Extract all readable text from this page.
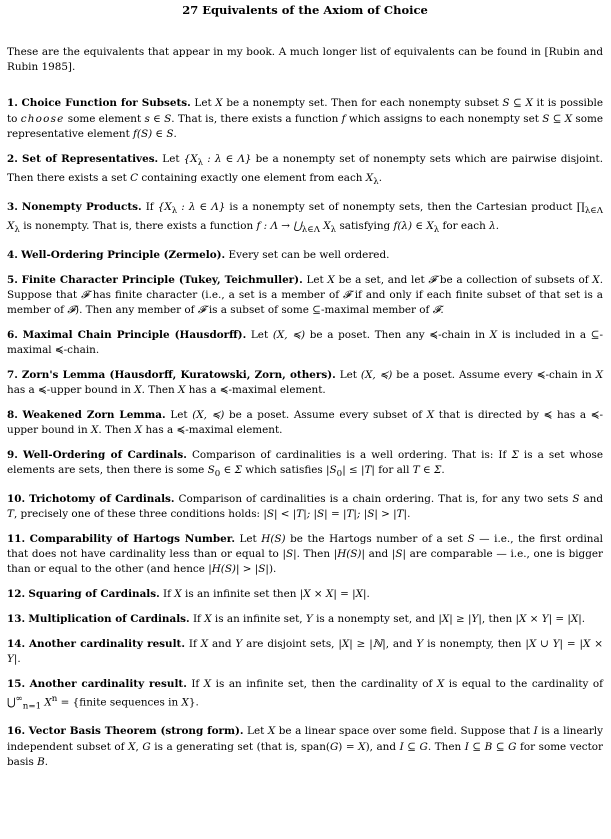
27 Equivalents of the Axiom of Choice

These are the equivalents that appear in my book. A much longer list of equivalents can be found in [Rubin and Rubin 1985].

1. Choice Function for Subsets. Let X be a nonempty set. Then for each nonempty subset S ⊆ X it is possible to choose some element s ∈ S. That is, there exists a function f which assigns to each nonempty set S ⊆ X some representative element f(S) ∈ S.

2. Set of Representatives. Let {$X_\lambda$ : λ ∈ Λ} be a nonempty set of nonempty sets which are pairwise disjoint. Then there exists a set C containing exactly one element from each $X_\lambda$.

3. Nonempty Products. If {$X_\lambda$ : λ ∈ Λ} is a nonempty set of nonempty sets, then the Cartesian product $\prod_{\lambda\in\Lambda}$ $X_\lambda$ is nonempty. That is, there exists a function f : $\Lambda \to ⋃_{\lambda\in\Lambda}$ $X_\lambda$ satisfying f(λ) ∈ $X_\lambda$ for each λ.

4. Well-Ordering Principle (Zermelo). Every set can be well ordered.

5. Finite Character Principle (Tukey, Teichmuller). Let X be a set, and let 𝓕 be a collection of subsets of X. Suppose that 𝓕 has finite character (i.e., a set is a member of 𝓕 if and only if each finite subset of that set is a member of 𝓕). Then any member of 𝓕 is a subset of some ⊆-maximal member of 𝓕.

6. Maximal Chain Principle (Hausdorff). Let (X, ≼) be a poset. Then any ≼-chain in X is included in a ⊆-maximal ≼-chain.

7. Zorn's Lemma (Hausdorff, Kuratowski, Zorn, others). Let (X, ≼) be a poset. Assume every ≼-chain in X has a ≼-upper bound in X. Then X has a ≼-maximal element.

8. Weakened Zorn Lemma. Let (X, ≼) be a poset. Assume every subset of X that is directed by ≼ has a ≼-upper bound in X. Then X has a ≼-maximal element.

9. Well-Ordering of Cardinals. Comparison of cardinalities is a well ordering. That is: If Σ is a set whose elements are sets, then there is some $S_0$ ∈ Σ which satisfies $|S_0| \le |T|$ for all T ∈ Σ.

10. Trichotomy of Cardinals. Comparison of cardinalities is a chain ordering. That is, for any two sets S and T, precisely one of these three conditions holds: |S| < |T|; |S| = |T|; |S| > |T|.

11. Comparability of Hartogs Number. Let H(S) be the Hartogs number of a set S — i.e., the first ordinal that does not have cardinality less than or equal to |S|. Then |H(S)| and |S| are comparable — i.e., one is bigger than or equal to the other (and hence |H(S)| > |S|).

12. Squaring of Cardinals. If X is an infinite set then |X × X| = |X|.

13. Multiplication of Cardinals. If X is an infinite set, Y is a nonempty set, and |X| ≥ |Y|, then |X × Y| = |X|.

14. Another cardinality result. If X and Y are disjoint sets, |X| ≥ |ℕ|, and Y is nonempty, then |X ∪ Y| = |X × Y|.

15. Another cardinality result. If X is an infinite set, then the cardinality of X is equal to the cardinality of $⋃^\infty_{n=1}$ $X^n$ = {finite sequences in X}.

16. Vector Basis Theorem (strong form). Let X be a linear space over some field. Suppose that I is a linearly independent subset of X, G is a generating set (that is, span(G) = X), and I ⊆ G. Then I ⊆ B ⊆ G for some vector basis B.
